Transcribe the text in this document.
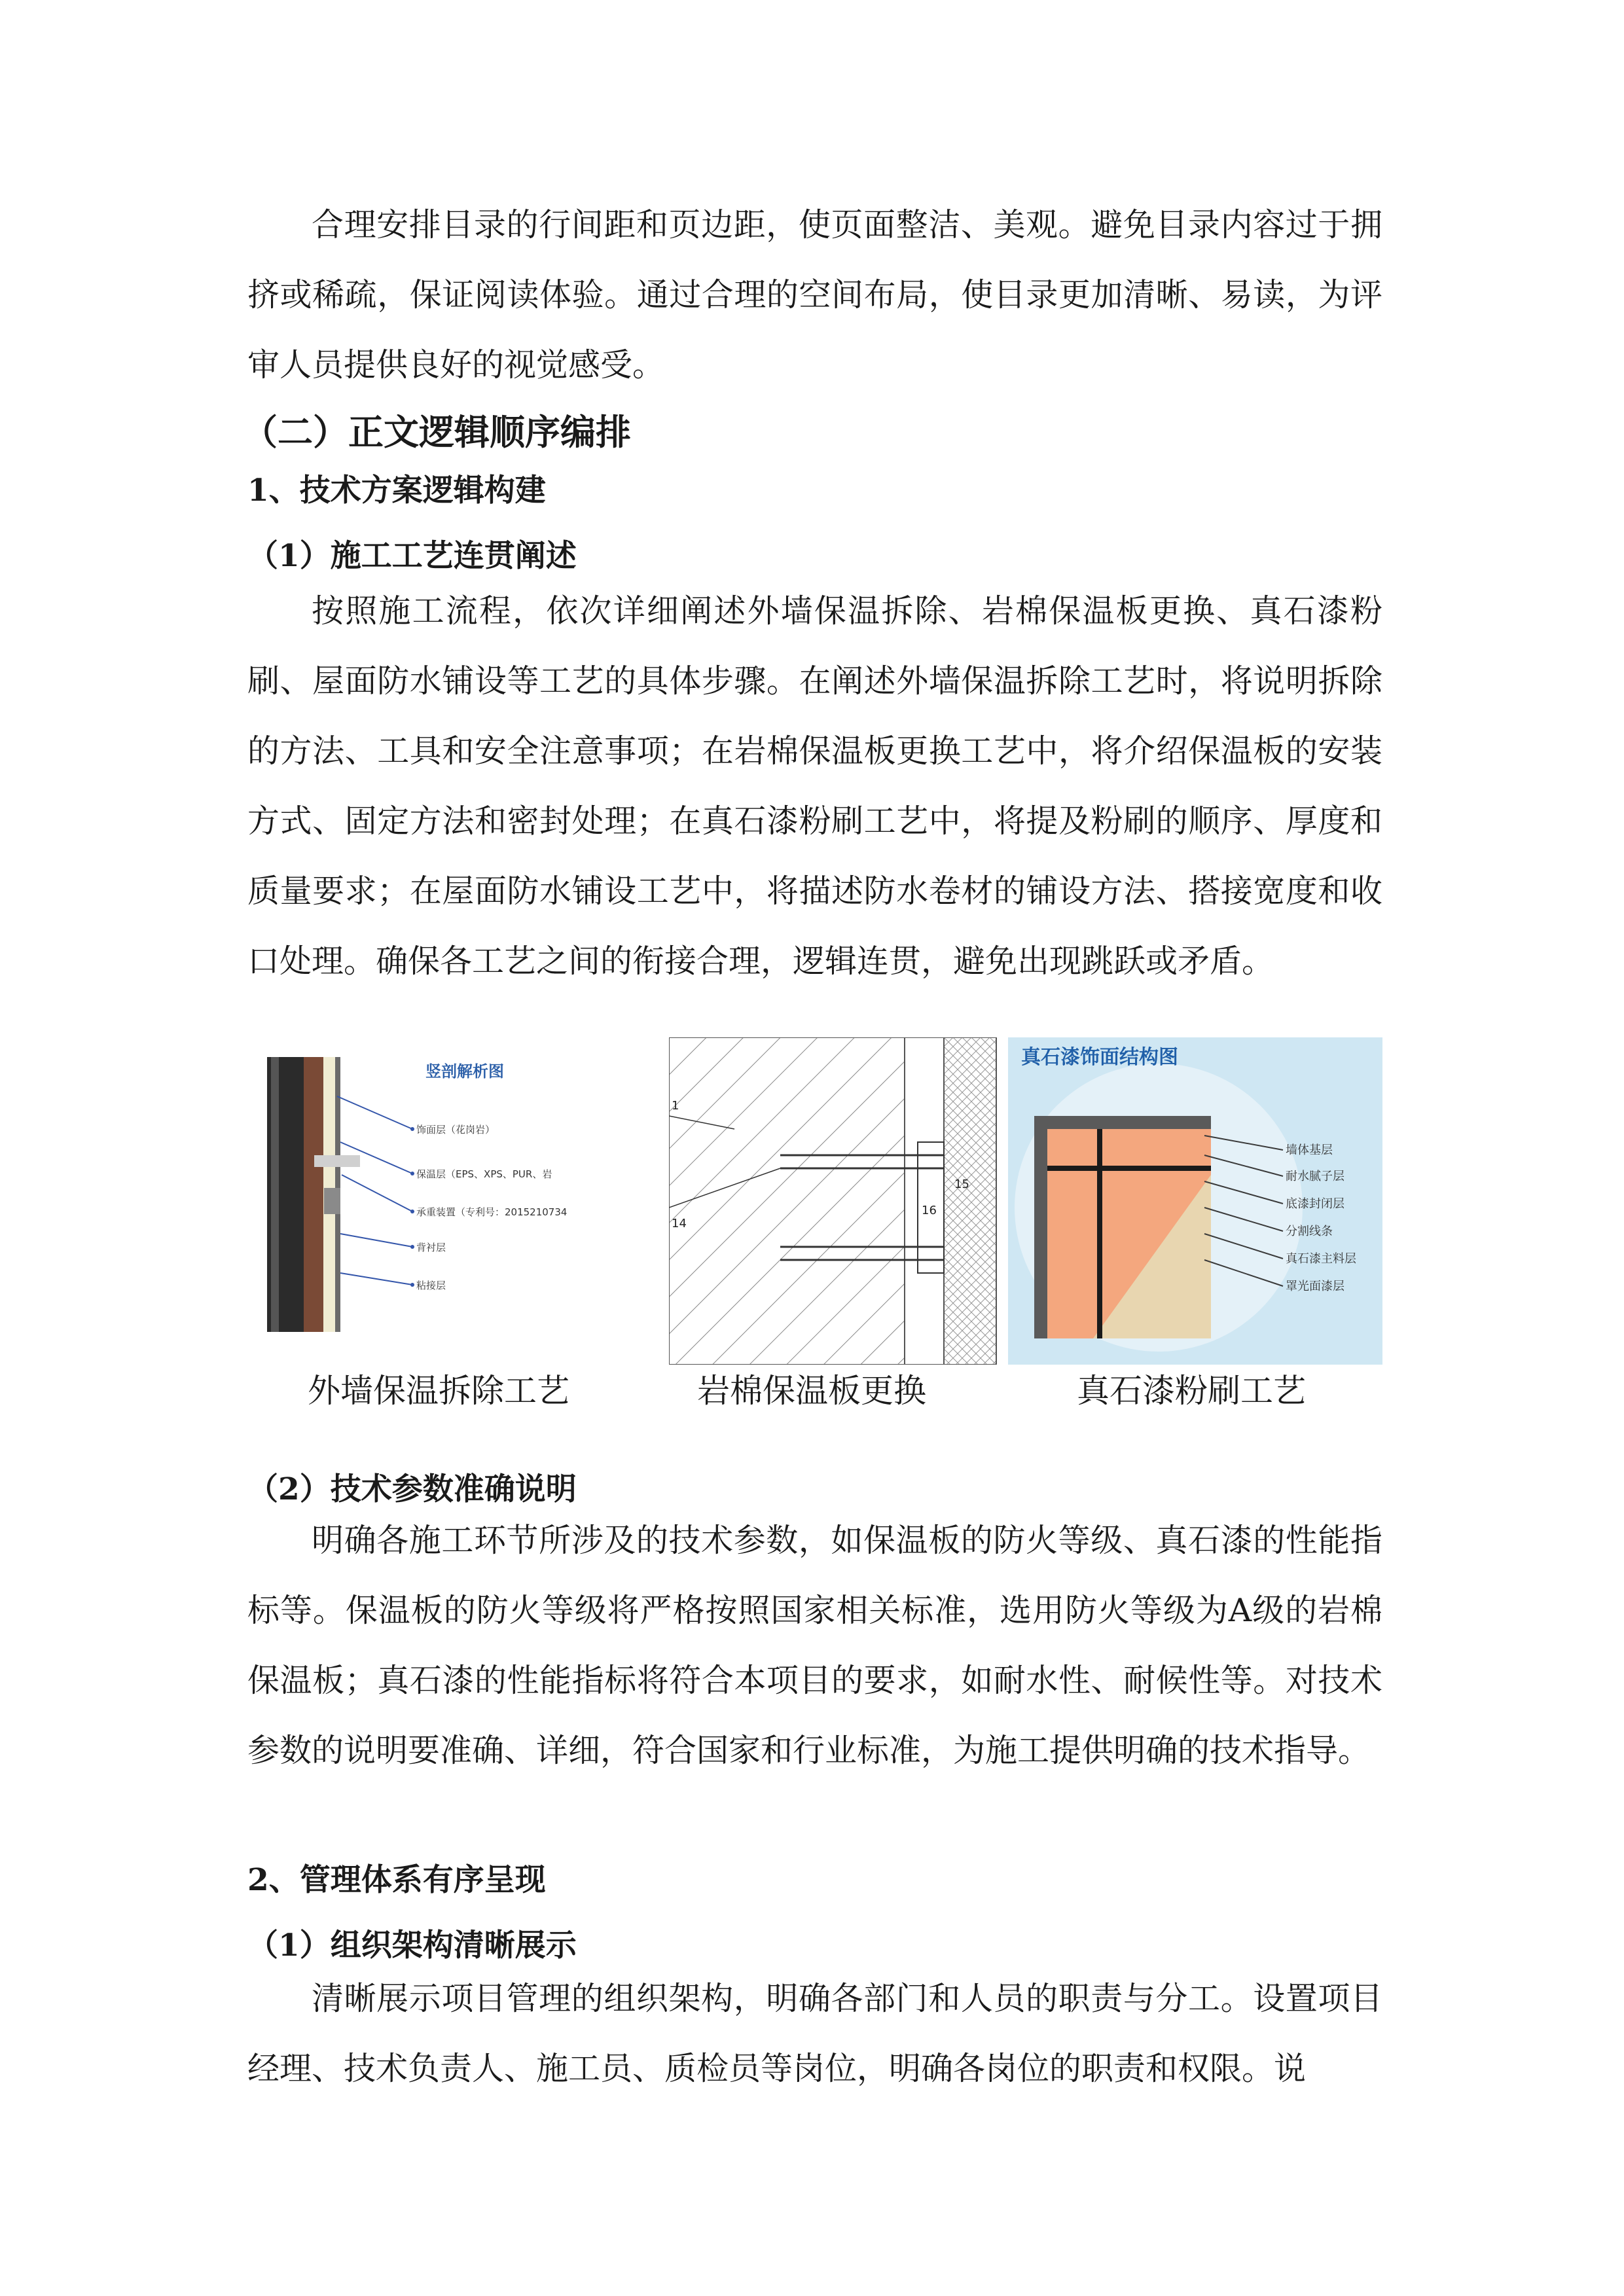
合理安排目录的行间距和页边距，使页面整洁、美观。避免目录内容过于拥挤或稀疏，保证阅读体验。通过合理的空间布局，使目录更加清晰、易读，为评审人员提供良好的视觉感受。

（二）正文逻辑顺序编排
1、技术方案逻辑构建
（1）施工工艺连贯阐述

按照施工流程，依次详细阐述外墙保温拆除、岩棉保温板更换、真石漆粉刷、屋面防水铺设等工艺的具体步骤。在阐述外墙保温拆除工艺时，将说明拆除的方法、工具和安全注意事项；在岩棉保温板更换工艺中，将介绍保温板的安装方式、固定方法和密封处理；在真石漆粉刷工艺中，将提及粉刷的顺序、厚度和质量要求；在屋面防水铺设工艺中，将描述防水卷材的铺设方法、搭接宽度和收口处理。确保各工艺之间的衔接合理，逻辑连贯，避免出现跳跃或矛盾。

竖剖解析图
饰面层（花岗岩）
保温层（EPS、XPS、PUR、岩
承重装置（专利号：2015210734
背衬层
粘接层
1
14
15
16
真石漆饰面结构图
墙体基层
耐水腻子层
底漆封闭层
分割线条
真石漆主料层
罩光面漆层
外墙保温拆除工艺	岩棉保温板更换	真石漆粉刷工艺
（2）技术参数准确说明

明确各施工环节所涉及的技术参数，如保温板的防火等级、真石漆的性能指标等。保温板的防火等级将严格按照国家相关标准，选用防火等级为A级的岩棉保温板；真石漆的性能指标将符合本项目的要求，如耐水性、耐候性等。对技术参数的说明要准确、详细，符合国家和行业标准，为施工提供明确的技术指导。

2、管理体系有序呈现
（1）组织架构清晰展示

清晰展示项目管理的组织架构，明确各部门和人员的职责与分工。设置项目经理、技术负责人、施工员、质检员等岗位，明确各岗位的职责和权限。说
